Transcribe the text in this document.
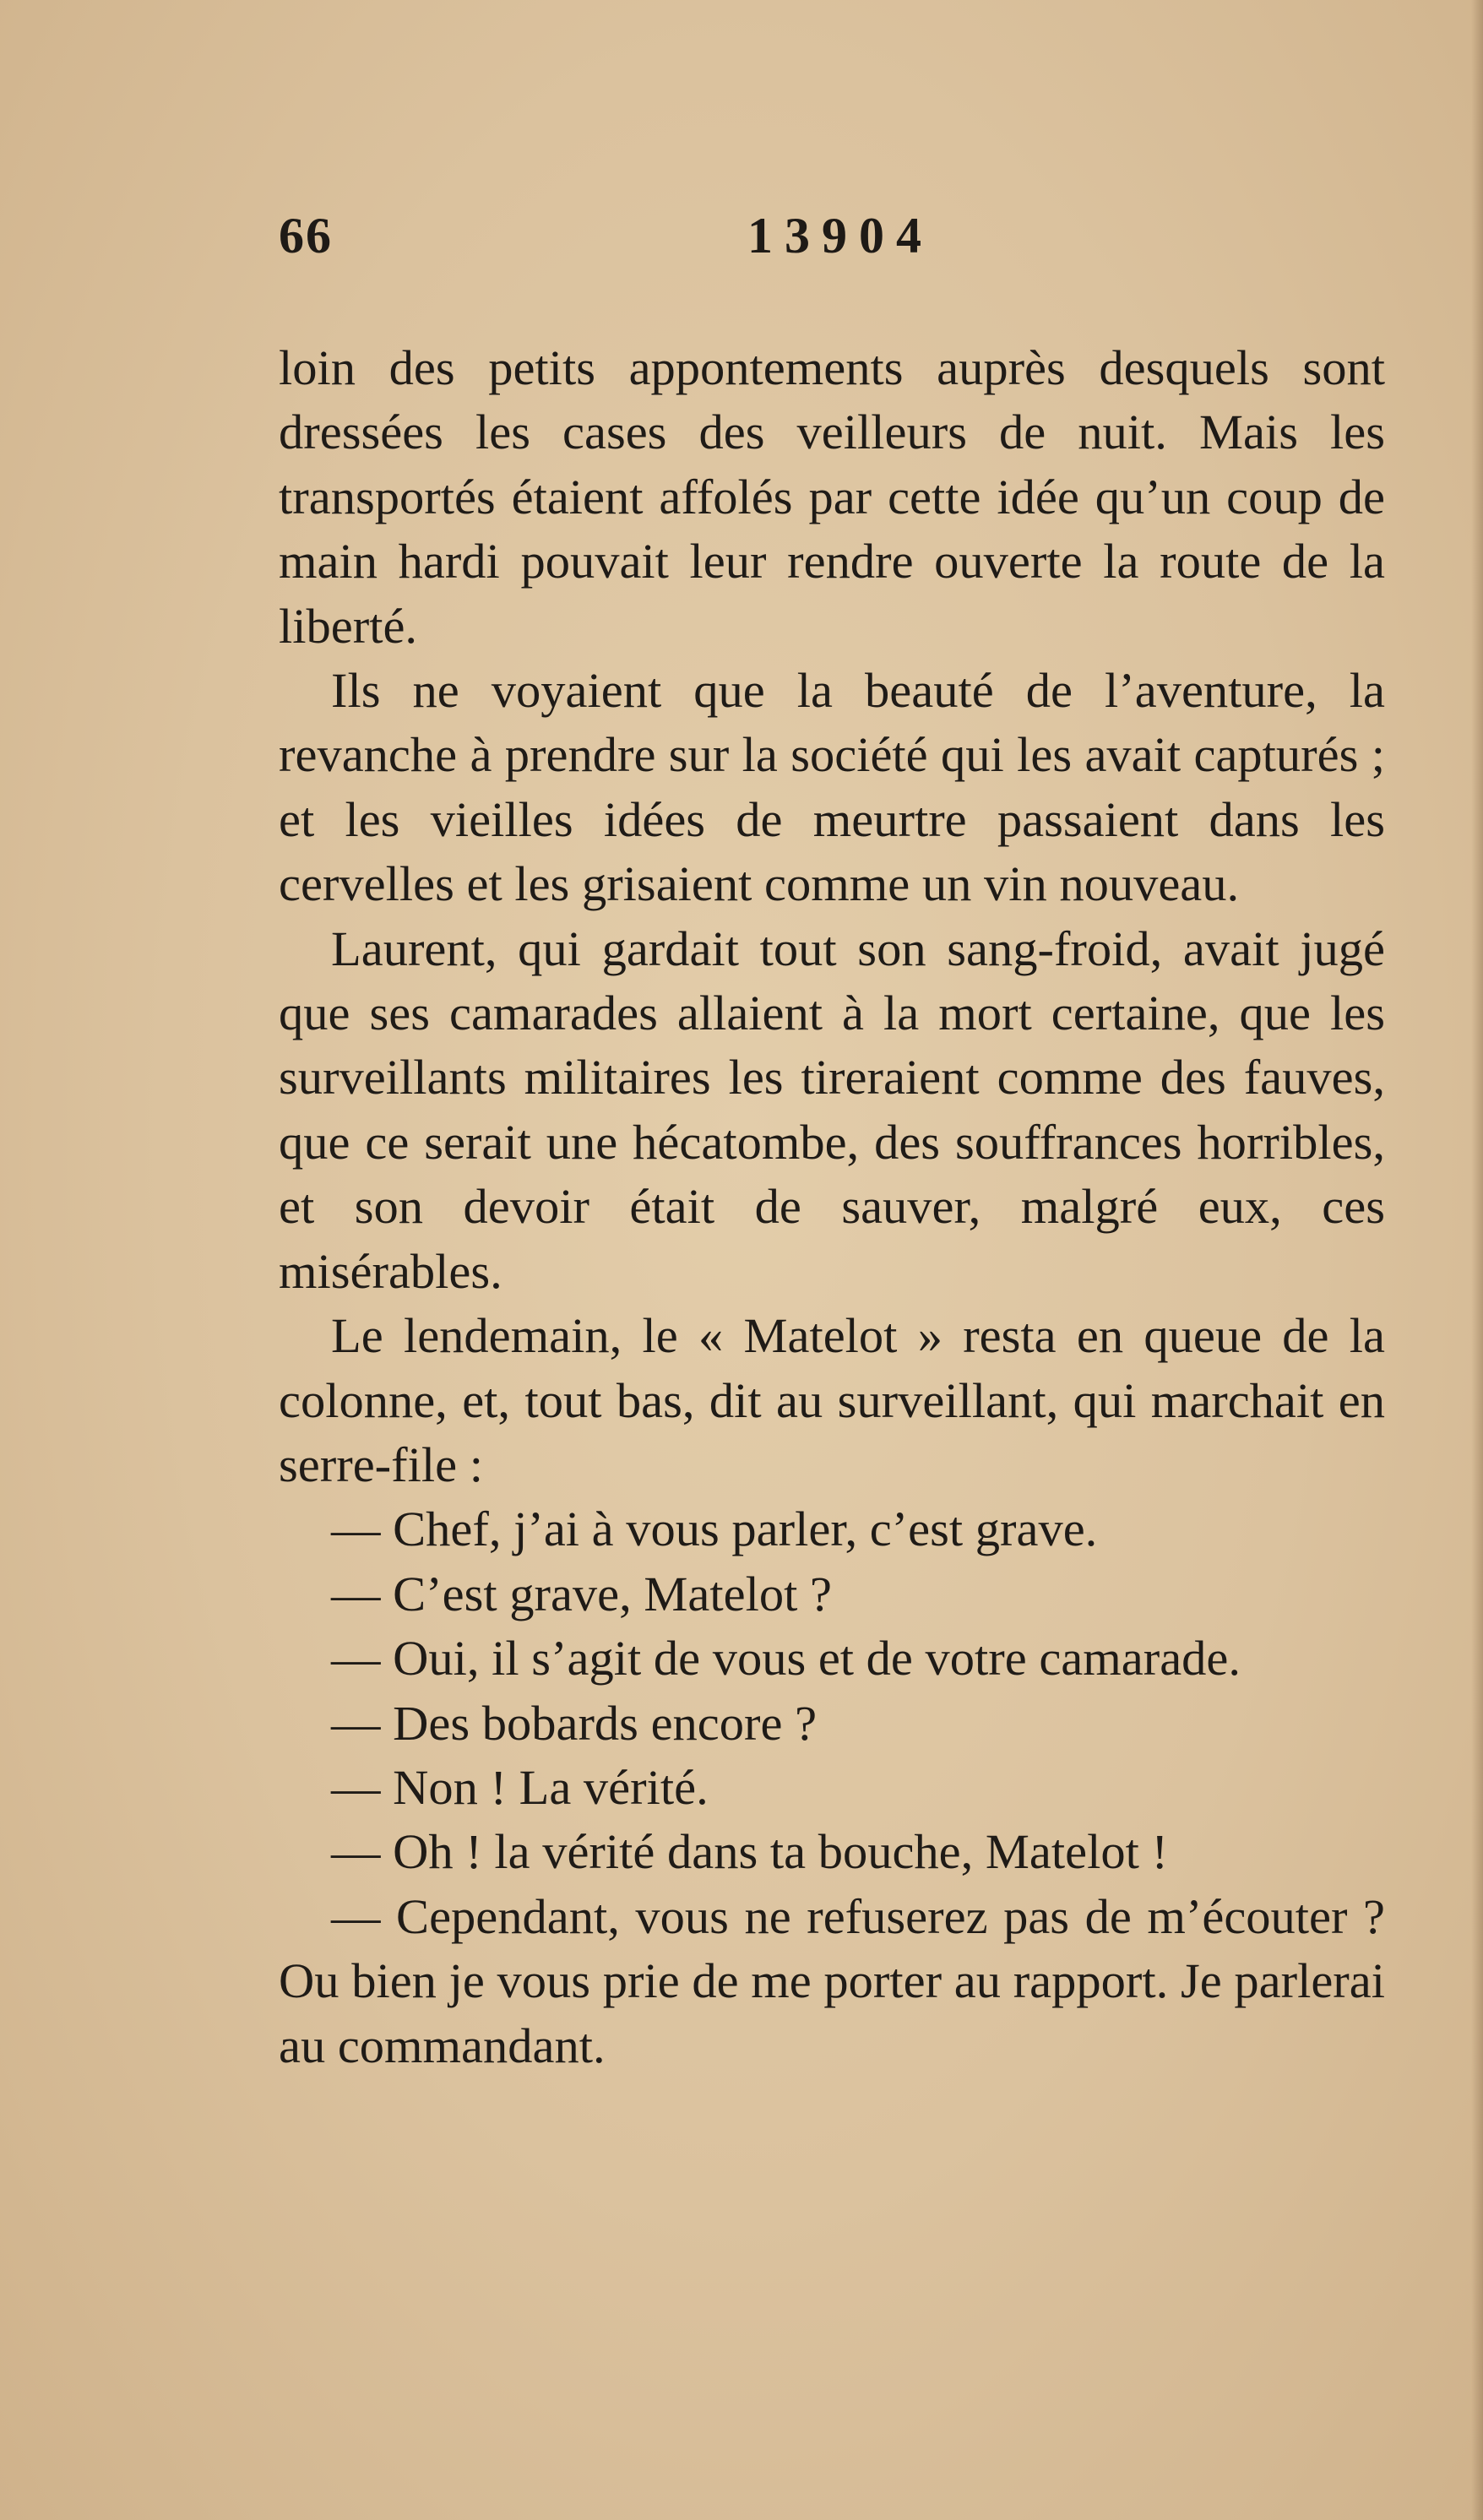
66	13904

loin des petits appontements auprès desquels sont dressées les cases des veilleurs de nuit. Mais les transportés étaient affolés par cette idée qu’un coup de main hardi pouvait leur rendre ouverte la route de la liberté.

Ils ne voyaient que la beauté de l’aventure, la revanche à prendre sur la société qui les avait capturés ; et les vieilles idées de meurtre passaient dans les cervelles et les grisaient comme un vin nouveau.

Laurent, qui gardait tout son sang-froid, avait jugé que ses camarades allaient à la mort certaine, que les surveillants militaires les tireraient comme des fauves, que ce serait une hécatombe, des souffrances horribles, et son devoir était de sauver, malgré eux, ces misérables.

Le lendemain, le « Matelot » resta en queue de la colonne, et, tout bas, dit au surveillant, qui marchait en serre-file :

— Chef, j’ai à vous parler, c’est grave.

— C’est grave, Matelot ?

— Oui, il s’agit de vous et de votre camarade.

— Des bobards encore ?

— Non ! La vérité.

— Oh ! la vérité dans ta bouche, Matelot !

— Cependant, vous ne refuserez pas de m’écouter ? Ou bien je vous prie de me porter au rapport. Je parlerai au commandant.
